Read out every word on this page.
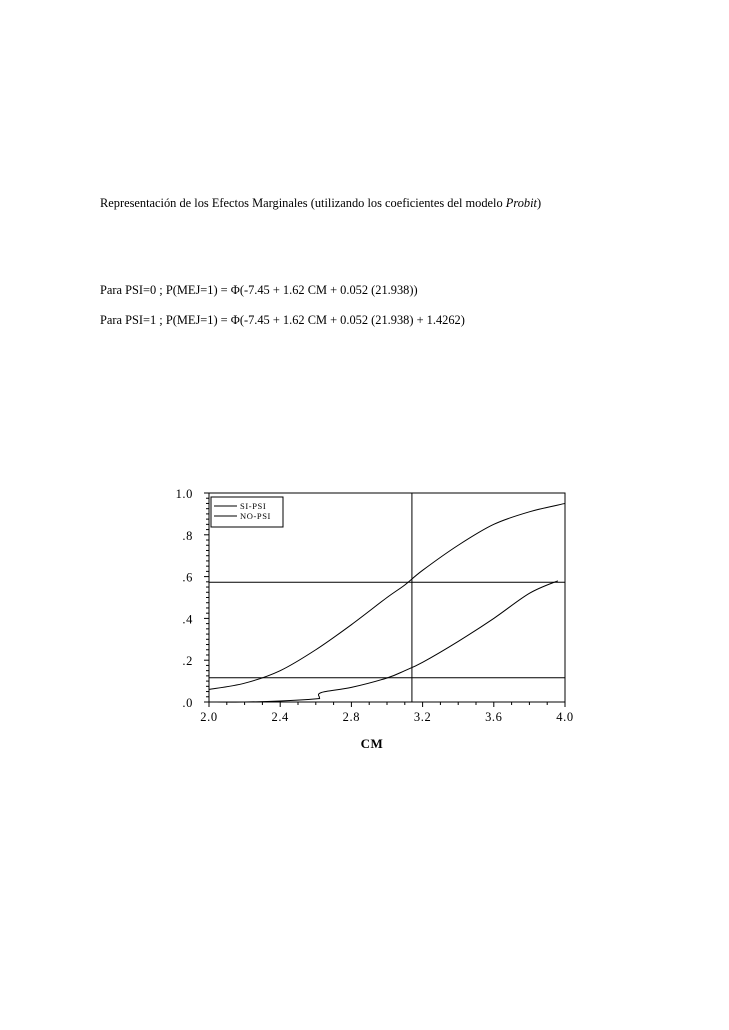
Representación de los Efectos Marginales (utilizando los coeficientes del modelo Probit)
Para PSI=0 ; P(MEJ=1) = Φ(-7.45 + 1.62 CM + 0.052 (21.938))
Para PSI=1 ; P(MEJ=1) = Φ(-7.45 + 1.62 CM + 0.052 (21.938) + 1.4262)
2.0	2.4	2.8	3.2	3.6	4.0
.0
.2
.4
.6
.8
1.0
CM
SI-PSI
NO-PSI
